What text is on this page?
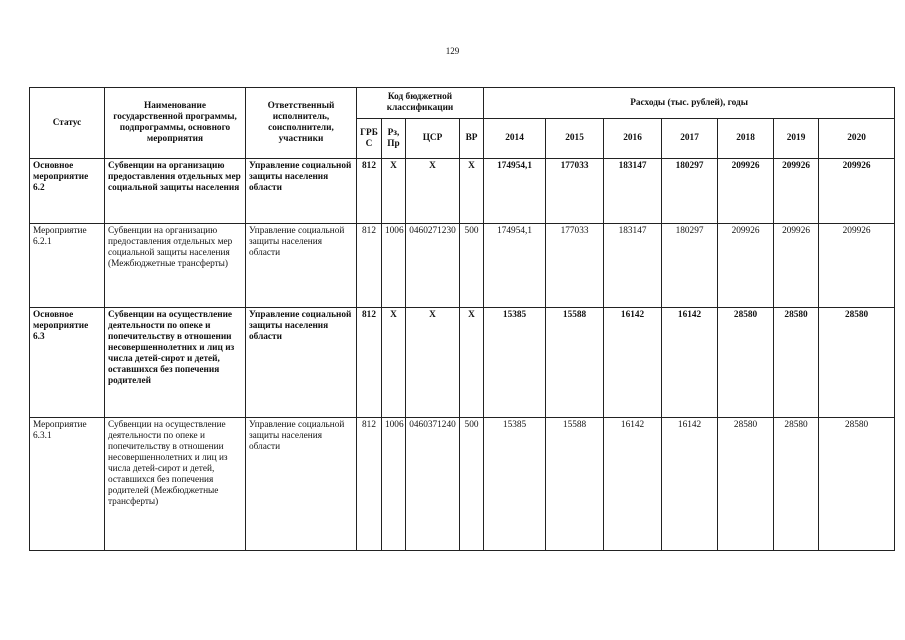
129
Статус	Наименование государственной программы, подпрограммы, основного мероприятия	Ответственный исполнитель, соисполнители, участники	Код бюджетной классификации				Расходы (тыс. рублей), годы						
			ГРБ С	Рз, Пр	ЦСР	ВР	2014	2015	2016	2017	2018	2019	2020
Основное мероприятие 6.2	Субвенции на организацию предоставления отдельных мер социальной защиты населения	Управление социальной защиты населения области	812	Х	Х	Х	174954,1	177033	183147	180297	209926	209926	209926
Мероприятие 6.2.1	Субвенции на организацию предоставления отдельных мер социальной защиты населения (Межбюджетные трансферты)	Управление социальной защиты населения области	812	1006	0460271230	500	174954,1	177033	183147	180297	209926	209926	209926
Основное мероприятие 6.3	Субвенции на осуществление деятельности по опеке и попечительству в отношении несовершеннолетних и лиц из числа детей-сирот и детей, оставшихся без попечения родителей	Управление социальной защиты населения области	812	Х	Х	Х	15385	15588	16142	16142	28580	28580	28580
Мероприятие 6.3.1	Субвенции на осуществление деятельности по опеке и попечительству в отношении несовершеннолетних и лиц из числа детей-сирот и детей, оставшихся без попечения родителей (Межбюджетные трансферты)	Управление социальной защиты населения области	812	1006	0460371240	500	15385	15588	16142	16142	28580	28580	28580
